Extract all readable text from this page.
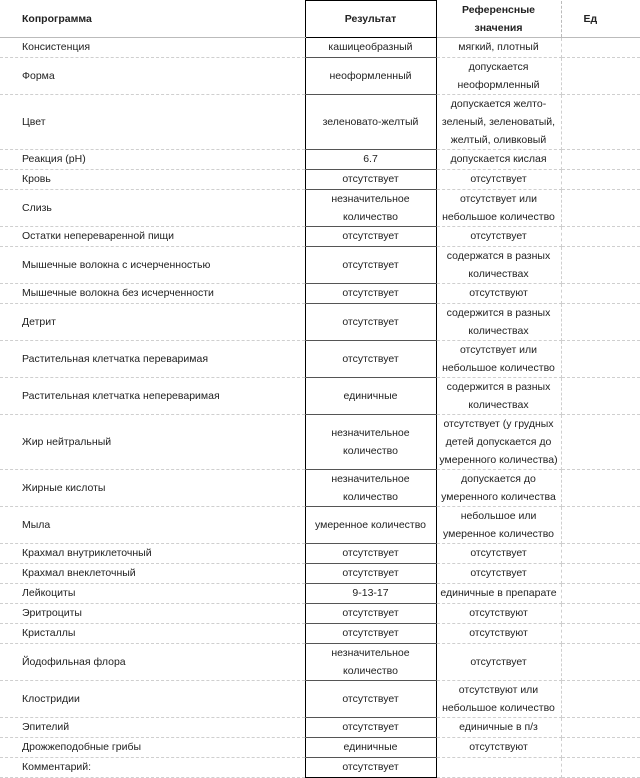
Копрограмма	Результат	Референсные значения	Ед
Консистенция	кашицеобразный	мягкий, плотный	
Форма	неоформленный	допускается неоформленный	
Цвет	зеленовато-желтый	допускается желто-зеленый, зеленоватый, желтый, оливковый	
Реакция (рН)	6.7	допускается кислая	
Кровь	отсутствует	отсутствует	
Слизь	незначительное количество	отсутствует или небольшое количество	
Остатки непереваренной пищи	отсутствует	отсутствует	
Мышечные волокна с исчерченностью	отсутствует	содержатся в разных количествах	
Мышечные волокна без исчерченности	отсутствует	отсутствуют	
Детрит	отсутствует	содержится в разных количествах	
Растительная клетчатка переваримая	отсутствует	отсутствует или небольшое количество	
Растительная клетчатка непереваримая	единичные	содержится в разных количествах	
Жир нейтральный	незначительное количество	отсутствует (у грудных детей допускается до умеренного количества)	
Жирные кислоты	незначительное количество	допускается до умеренного количества	
Мыла	умеренное количество	небольшое или умеренное количество	
Крахмал внутриклеточный	отсутствует	отсутствует	
Крахмал внеклеточный	отсутствует	отсутствует	
Лейкоциты	9-13-17	единичные в препарате	
Эритроциты	отсутствует	отсутствуют	
Кристаллы	отсутствует	отсутствуют	
Йодофильная флора	незначительное количество	отсутствует	
Клостридии	отсутствует	отсутствуют или небольшое количество	
Эпителий	отсутствует	единичные в п/з	
Дрожжеподобные грибы	единичные	отсутствуют	
Комментарий:	отсутствует		
